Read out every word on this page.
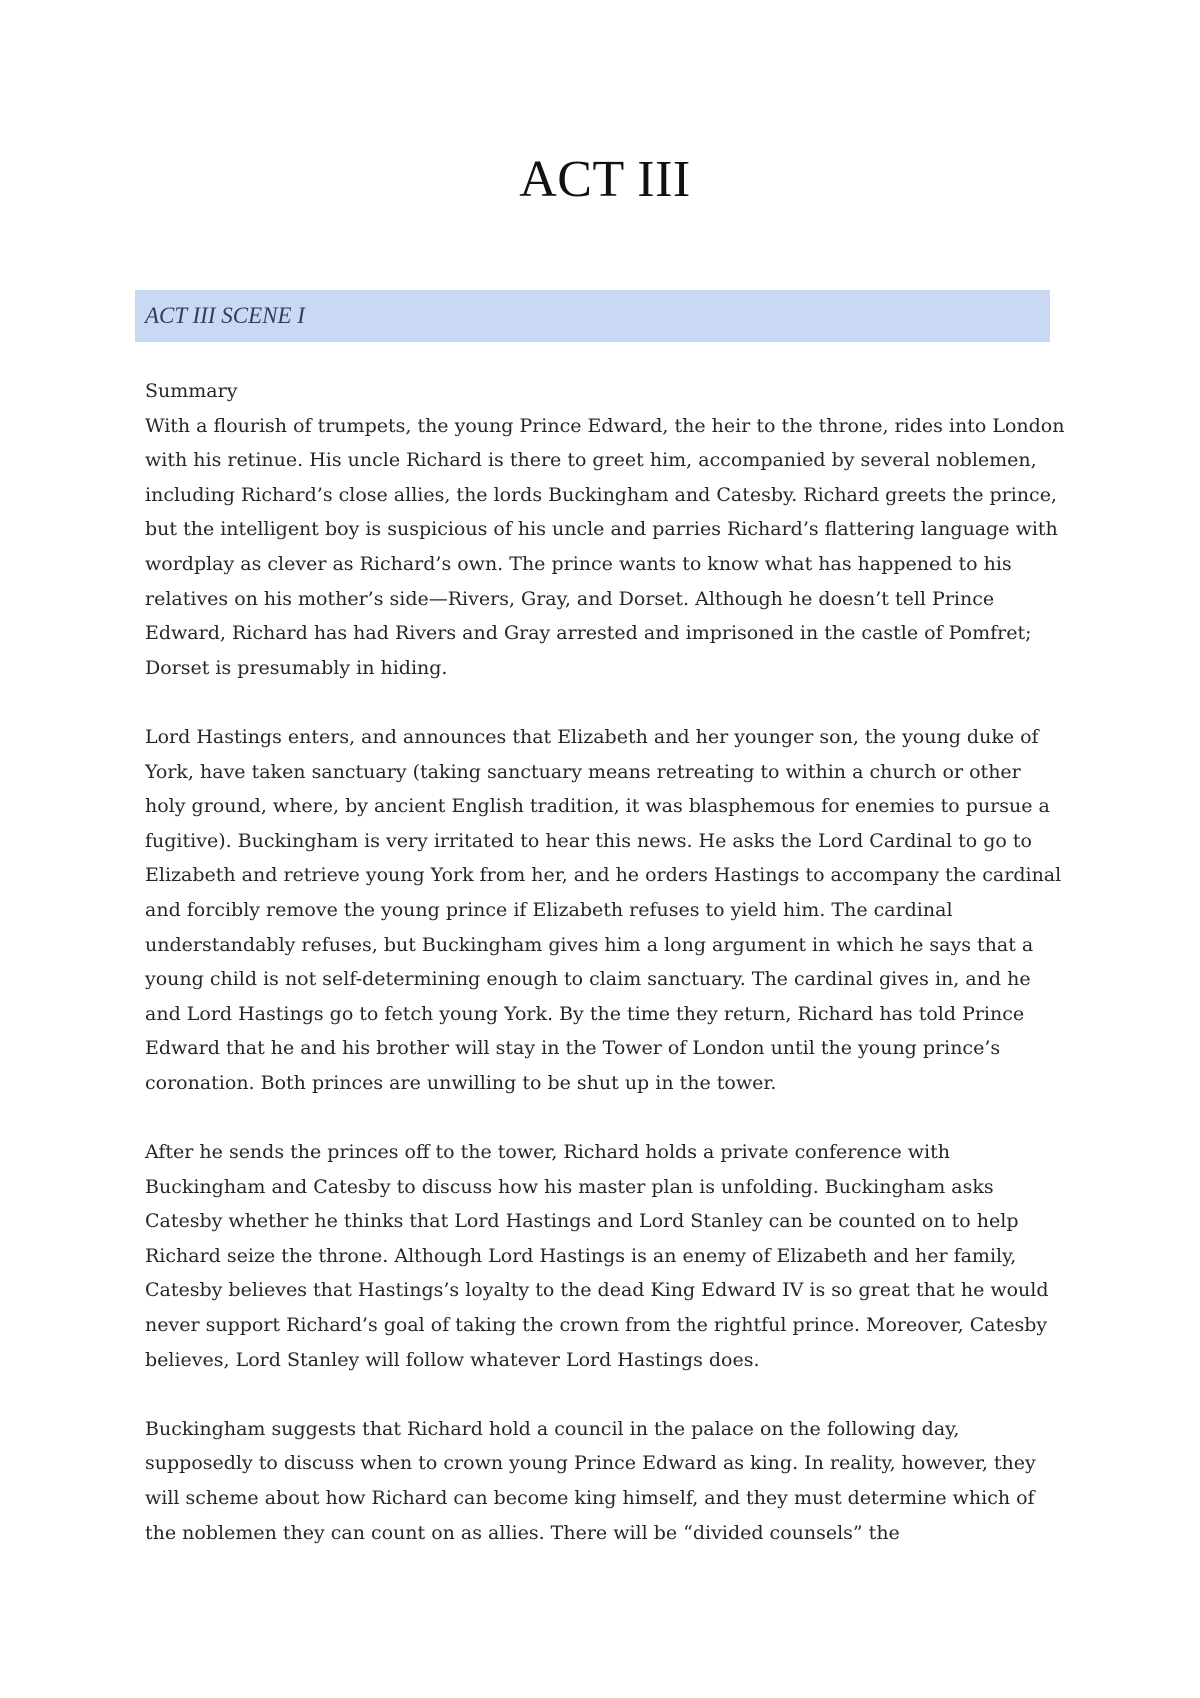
ACT III
ACT III SCENE I

Summary
With a flourish of trumpets, the young Prince Edward, the heir to the throne, rides into London with his retinue. His uncle Richard is there to greet him, accompanied by several noblemen, including Richard’s close allies, the lords Buckingham and Catesby. Richard greets the prince, but the intelligent boy is suspicious of his uncle and parries Richard’s flattering language with wordplay as clever as Richard’s own. The prince wants to know what has happened to his relatives on his mother’s side—Rivers, Gray, and Dorset. Although he doesn’t tell Prince Edward, Richard has had Rivers and Gray arrested and imprisoned in the castle of Pomfret; Dorset is presumably in hiding.

Lord Hastings enters, and announces that Elizabeth and her younger son, the young duke of York, have taken sanctuary (taking sanctuary means retreating to within a church or other holy ground, where, by ancient English tradition, it was blasphemous for enemies to pursue a fugitive). Buckingham is very irritated to hear this news. He asks the Lord Cardinal to go to Elizabeth and retrieve young York from her, and he orders Hastings to accompany the cardinal and forcibly remove the young prince if Elizabeth refuses to yield him. The cardinal understandably refuses, but Buckingham gives him a long argument in which he says that a young child is not self-determining enough to claim sanctuary. The cardinal gives in, and he and Lord Hastings go to fetch young York. By the time they return, Richard has told Prince Edward that he and his brother will stay in the Tower of London until the young prince’s coronation. Both princes are unwilling to be shut up in the tower.

After he sends the princes off to the tower, Richard holds a private conference with Buckingham and Catesby to discuss how his master plan is unfolding. Buckingham asks Catesby whether he thinks that Lord Hastings and Lord Stanley can be counted on to help Richard seize the throne. Although Lord Hastings is an enemy of Elizabeth and her family, Catesby believes that Hastings’s loyalty to the dead King Edward IV is so great that he would never support Richard’s goal of taking the crown from the rightful prince. Moreover, Catesby believes, Lord Stanley will follow whatever Lord Hastings does.

Buckingham suggests that Richard hold a council in the palace on the following day, supposedly to discuss when to crown young Prince Edward as king. In reality, however, they will scheme about how Richard can become king himself, and they must determine which of the noblemen they can count on as allies. There will be “divided counsels” the
